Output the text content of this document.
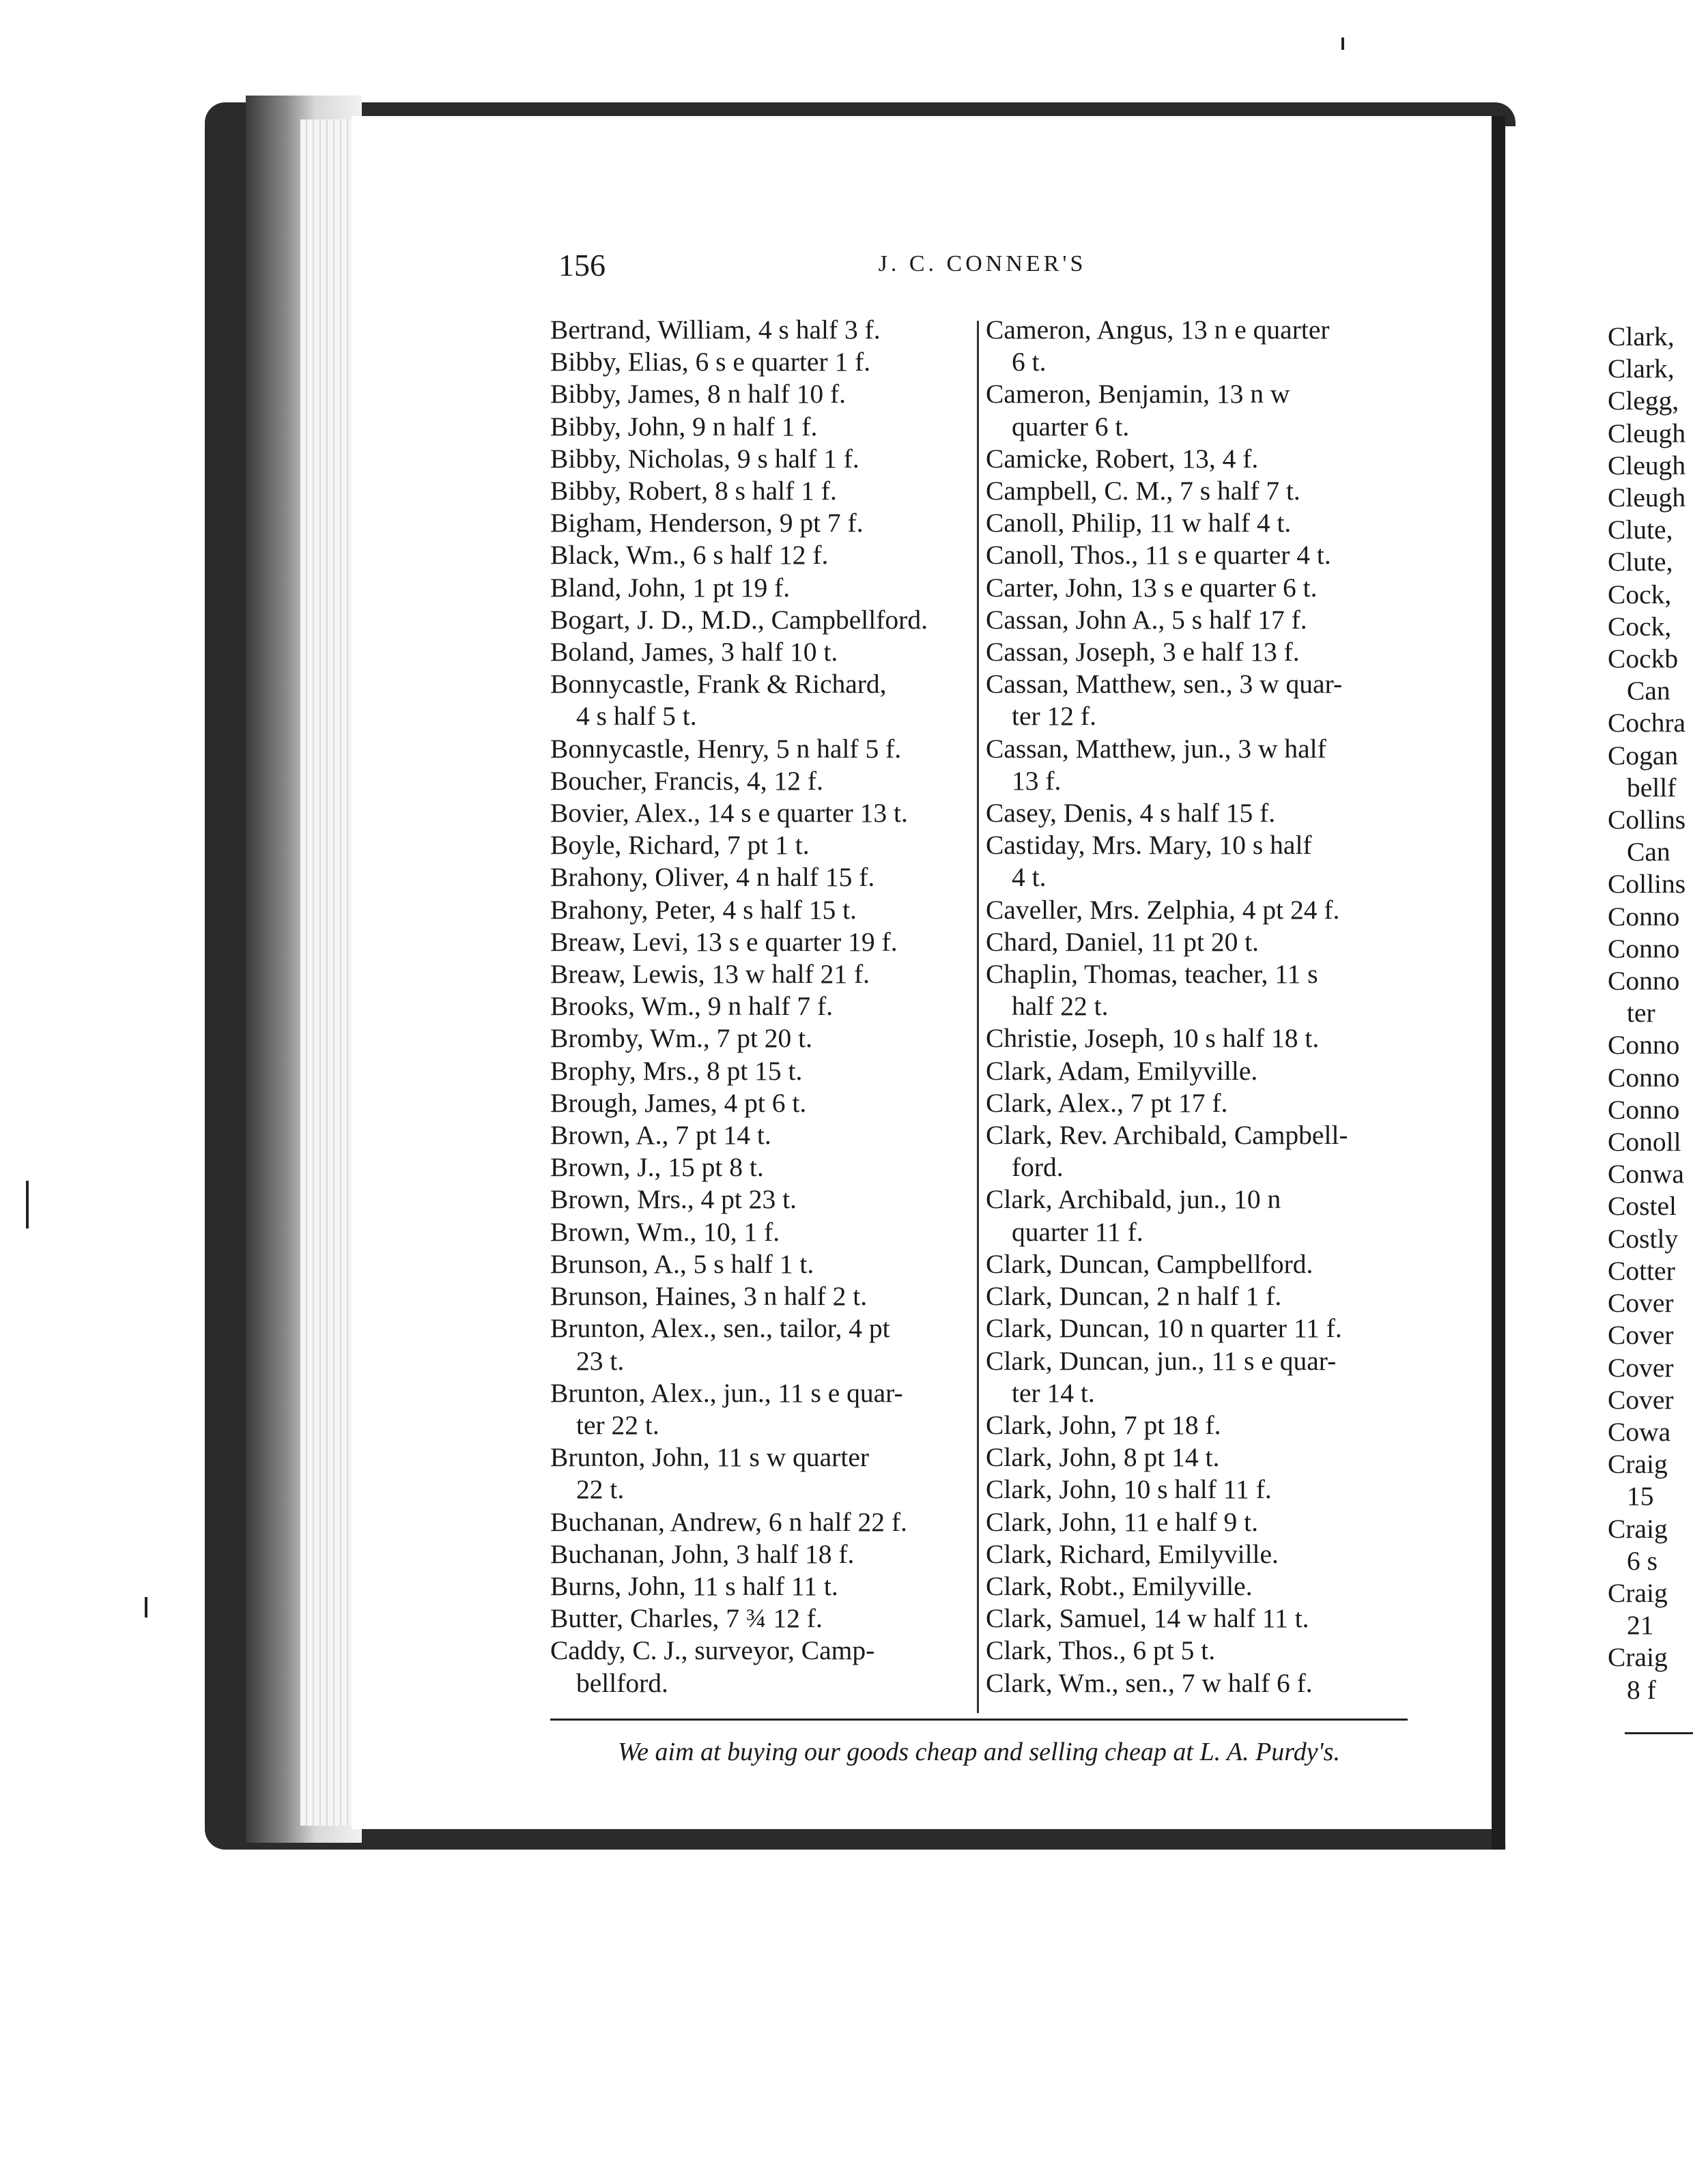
156	J. C. CONNER'S
Bertrand, William, 4 s half 3 f.
Bibby, Elias, 6 s e quarter 1 f.
Bibby, James, 8 n half 10 f.
Bibby, John, 9 n half 1 f.
Bibby, Nicholas, 9 s half 1 f.
Bibby, Robert, 8 s half 1 f.
Bigham, Henderson, 9 pt 7 f.
Black, Wm., 6 s half 12 f.
Bland, John, 1 pt 19 f.
Bogart, J. D., M.D., Campbellford.
Boland, James, 3 half 10 t.
Bonnycastle, Frank & Richard,
4 s half 5 t.
Bonnycastle, Henry, 5 n half 5 f.
Boucher, Francis, 4, 12 f.
Bovier, Alex., 14 s e quarter 13 t.
Boyle, Richard, 7 pt 1 t.
Brahony, Oliver, 4 n half 15 f.
Brahony, Peter, 4 s half 15 t.
Breaw, Levi, 13 s e quarter 19 f.
Breaw, Lewis, 13 w half 21 f.
Brooks, Wm., 9 n half 7 f.
Bromby, Wm., 7 pt 20 t.
Brophy, Mrs., 8 pt 15 t.
Brough, James, 4 pt 6 t.
Brown, A., 7 pt 14 t.
Brown, J., 15 pt 8 t.
Brown, Mrs., 4 pt 23 t.
Brown, Wm., 10, 1 f.
Brunson, A., 5 s half 1 t.
Brunson, Haines, 3 n half 2 t.
Brunton, Alex., sen., tailor, 4 pt
23 t.
Brunton, Alex., jun., 11 s e quar-
ter 22 t.
Brunton, John, 11 s w quarter
22 t.
Buchanan, Andrew, 6 n half 22 f.
Buchanan, John, 3 half 18 f.
Burns, John, 11 s half 11 t.
Butter, Charles, 7 ¾ 12 f.
Caddy, C. J., surveyor, Camp-
bellford.
Cameron, Angus, 13 n e quarter
6 t.
Cameron, Benjamin, 13 n w
quarter 6 t.
Camicke, Robert, 13, 4 f.
Campbell, C. M., 7 s half 7 t.
Canoll, Philip, 11 w half 4 t.
Canoll, Thos., 11 s e quarter 4 t.
Carter, John, 13 s e quarter 6 t.
Cassan, John A., 5 s half 17 f.
Cassan, Joseph, 3 e half 13 f.
Cassan, Matthew, sen., 3 w quar-
ter 12 f.
Cassan, Matthew, jun., 3 w half
13 f.
Casey, Denis, 4 s half 15 f.
Castiday, Mrs. Mary, 10 s half
4 t.
Caveller, Mrs. Zelphia, 4 pt 24 f.
Chard, Daniel, 11 pt 20 t.
Chaplin, Thomas, teacher, 11 s
half 22 t.
Christie, Joseph, 10 s half 18 t.
Clark, Adam, Emilyville.
Clark, Alex., 7 pt 17 f.
Clark, Rev. Archibald, Campbell-
ford.
Clark, Archibald, jun., 10 n
quarter 11 f.
Clark, Duncan, Campbellford.
Clark, Duncan, 2 n half 1 f.
Clark, Duncan, 10 n quarter 11 f.
Clark, Duncan, jun., 11 s e quar-
ter 14 t.
Clark, John, 7 pt 18 f.
Clark, John, 8 pt 14 t.
Clark, John, 10 s half 11 f.
Clark, John, 11 e half 9 t.
Clark, Richard, Emilyville.
Clark, Robt., Emilyville.
Clark, Samuel, 14 w half 11 t.
Clark, Thos., 6 pt 5 t.
Clark, Wm., sen., 7 w half 6 f.
We aim at buying our goods cheap and selling cheap at L. A. Purdy's.
Clark,
Clark,
Clegg,
Cleugh
Cleugh
Cleugh
Clute,
Clute,
Cock,
Cock,
Cockb
Can
Cochra
Cogan
bellf
Collins
Can
Collins
Conno
Conno
Conno
ter
Conno
Conno
Conno
Conoll
Conwa
Costel
Costly
Cotter
Cover
Cover
Cover
Cover
Cowa
Craig
15
Craig
6 s
Craig
21
Craig
8 f
